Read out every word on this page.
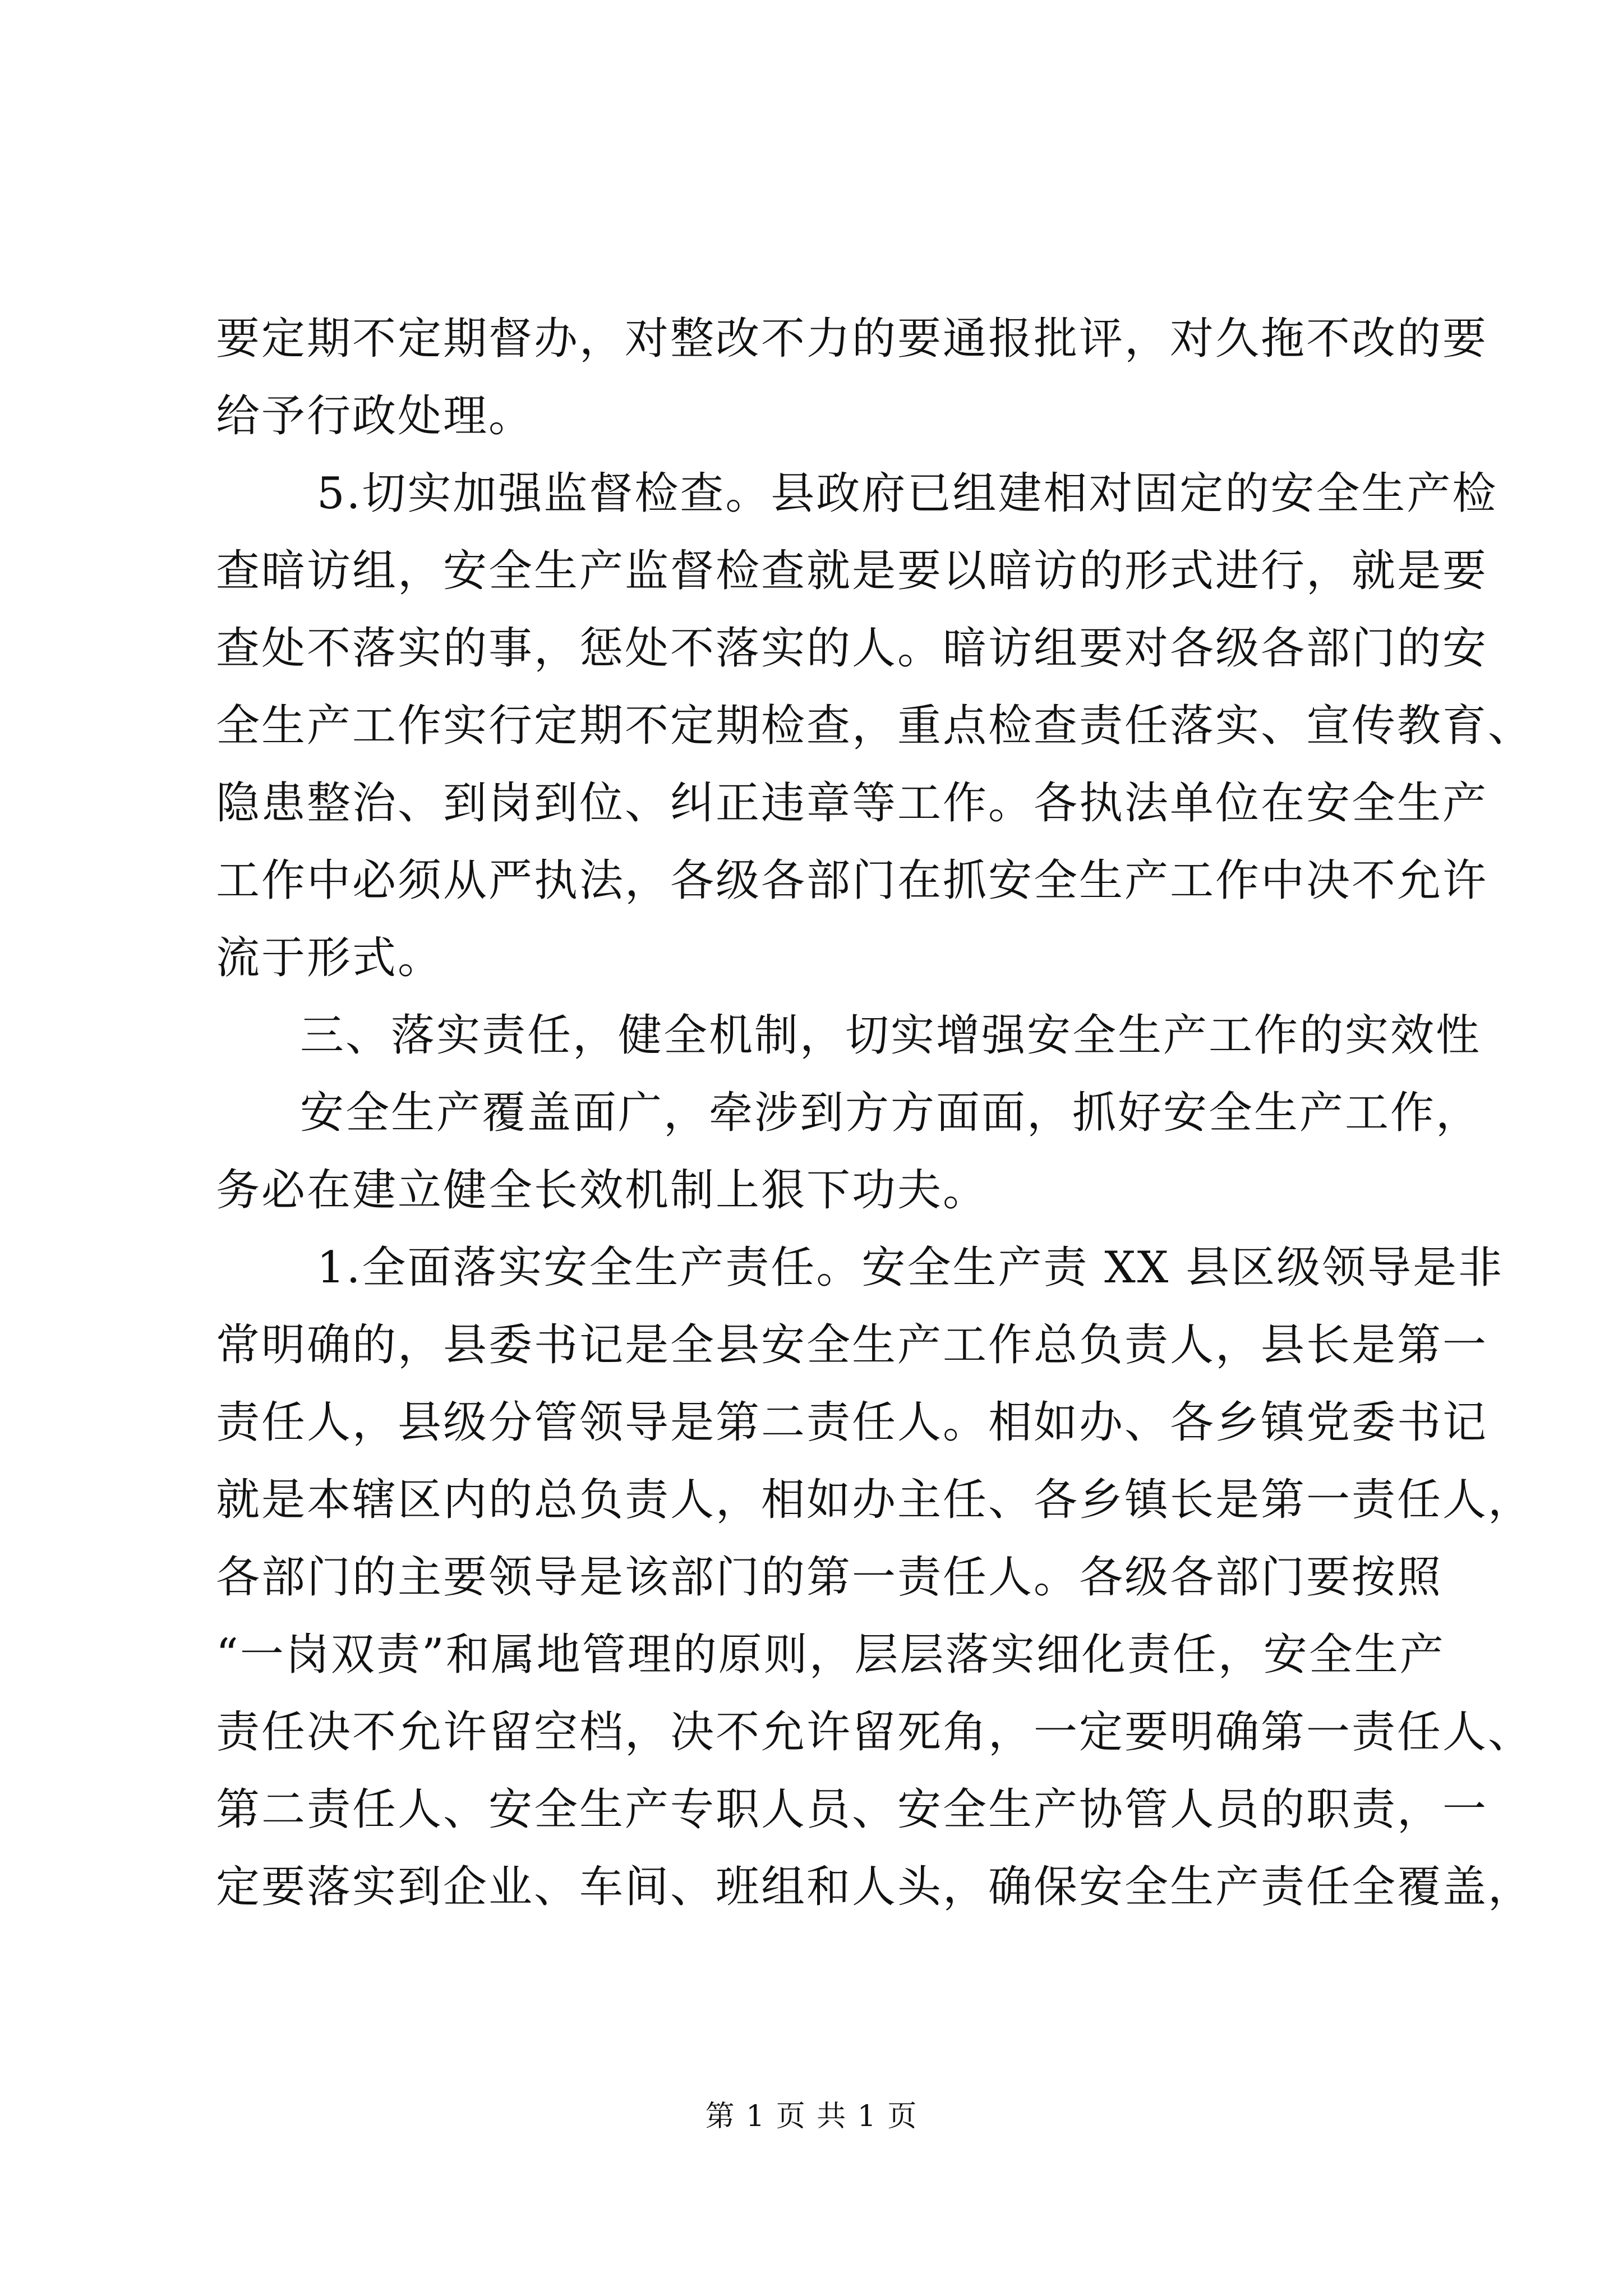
要定期不定期督办，对整改不力的要通报批评，对久拖不改的要
给予行政处理。
5.切实加强监督检查。县政府已组建相对固定的安全生产检
查暗访组，安全生产监督检查就是要以暗访的形式进行，就是要
查处不落实的事，惩处不落实的人。暗访组要对各级各部门的安
全生产工作实行定期不定期检查，重点检查责任落实、宣传教育、
隐患整治、到岗到位、纠正违章等工作。各执法单位在安全生产
工作中必须从严执法，各级各部门在抓安全生产工作中决不允许
流于形式。
三、落实责任，健全机制，切实增强安全生产工作的实效性
安全生产覆盖面广，牵涉到方方面面，抓好安全生产工作，
务必在建立健全长效机制上狠下功夫。
1.全面落实安全生产责任。安全生产责 XX 县区级领导是非
常明确的，县委书记是全县安全生产工作总负责人，县长是第一
责任人，县级分管领导是第二责任人。相如办、各乡镇党委书记
就是本辖区内的总负责人，相如办主任、各乡镇长是第一责任人，
各部门的主要领导是该部门的第一责任人。各级各部门要按照
“一岗双责”和属地管理的原则，层层落实细化责任，安全生产
责任决不允许留空档，决不允许留死角，一定要明确第一责任人、
第二责任人、安全生产专职人员、安全生产协管人员的职责，一
定要落实到企业、车间、班组和人头，确保安全生产责任全覆盖，
第 1 页 共 1 页
